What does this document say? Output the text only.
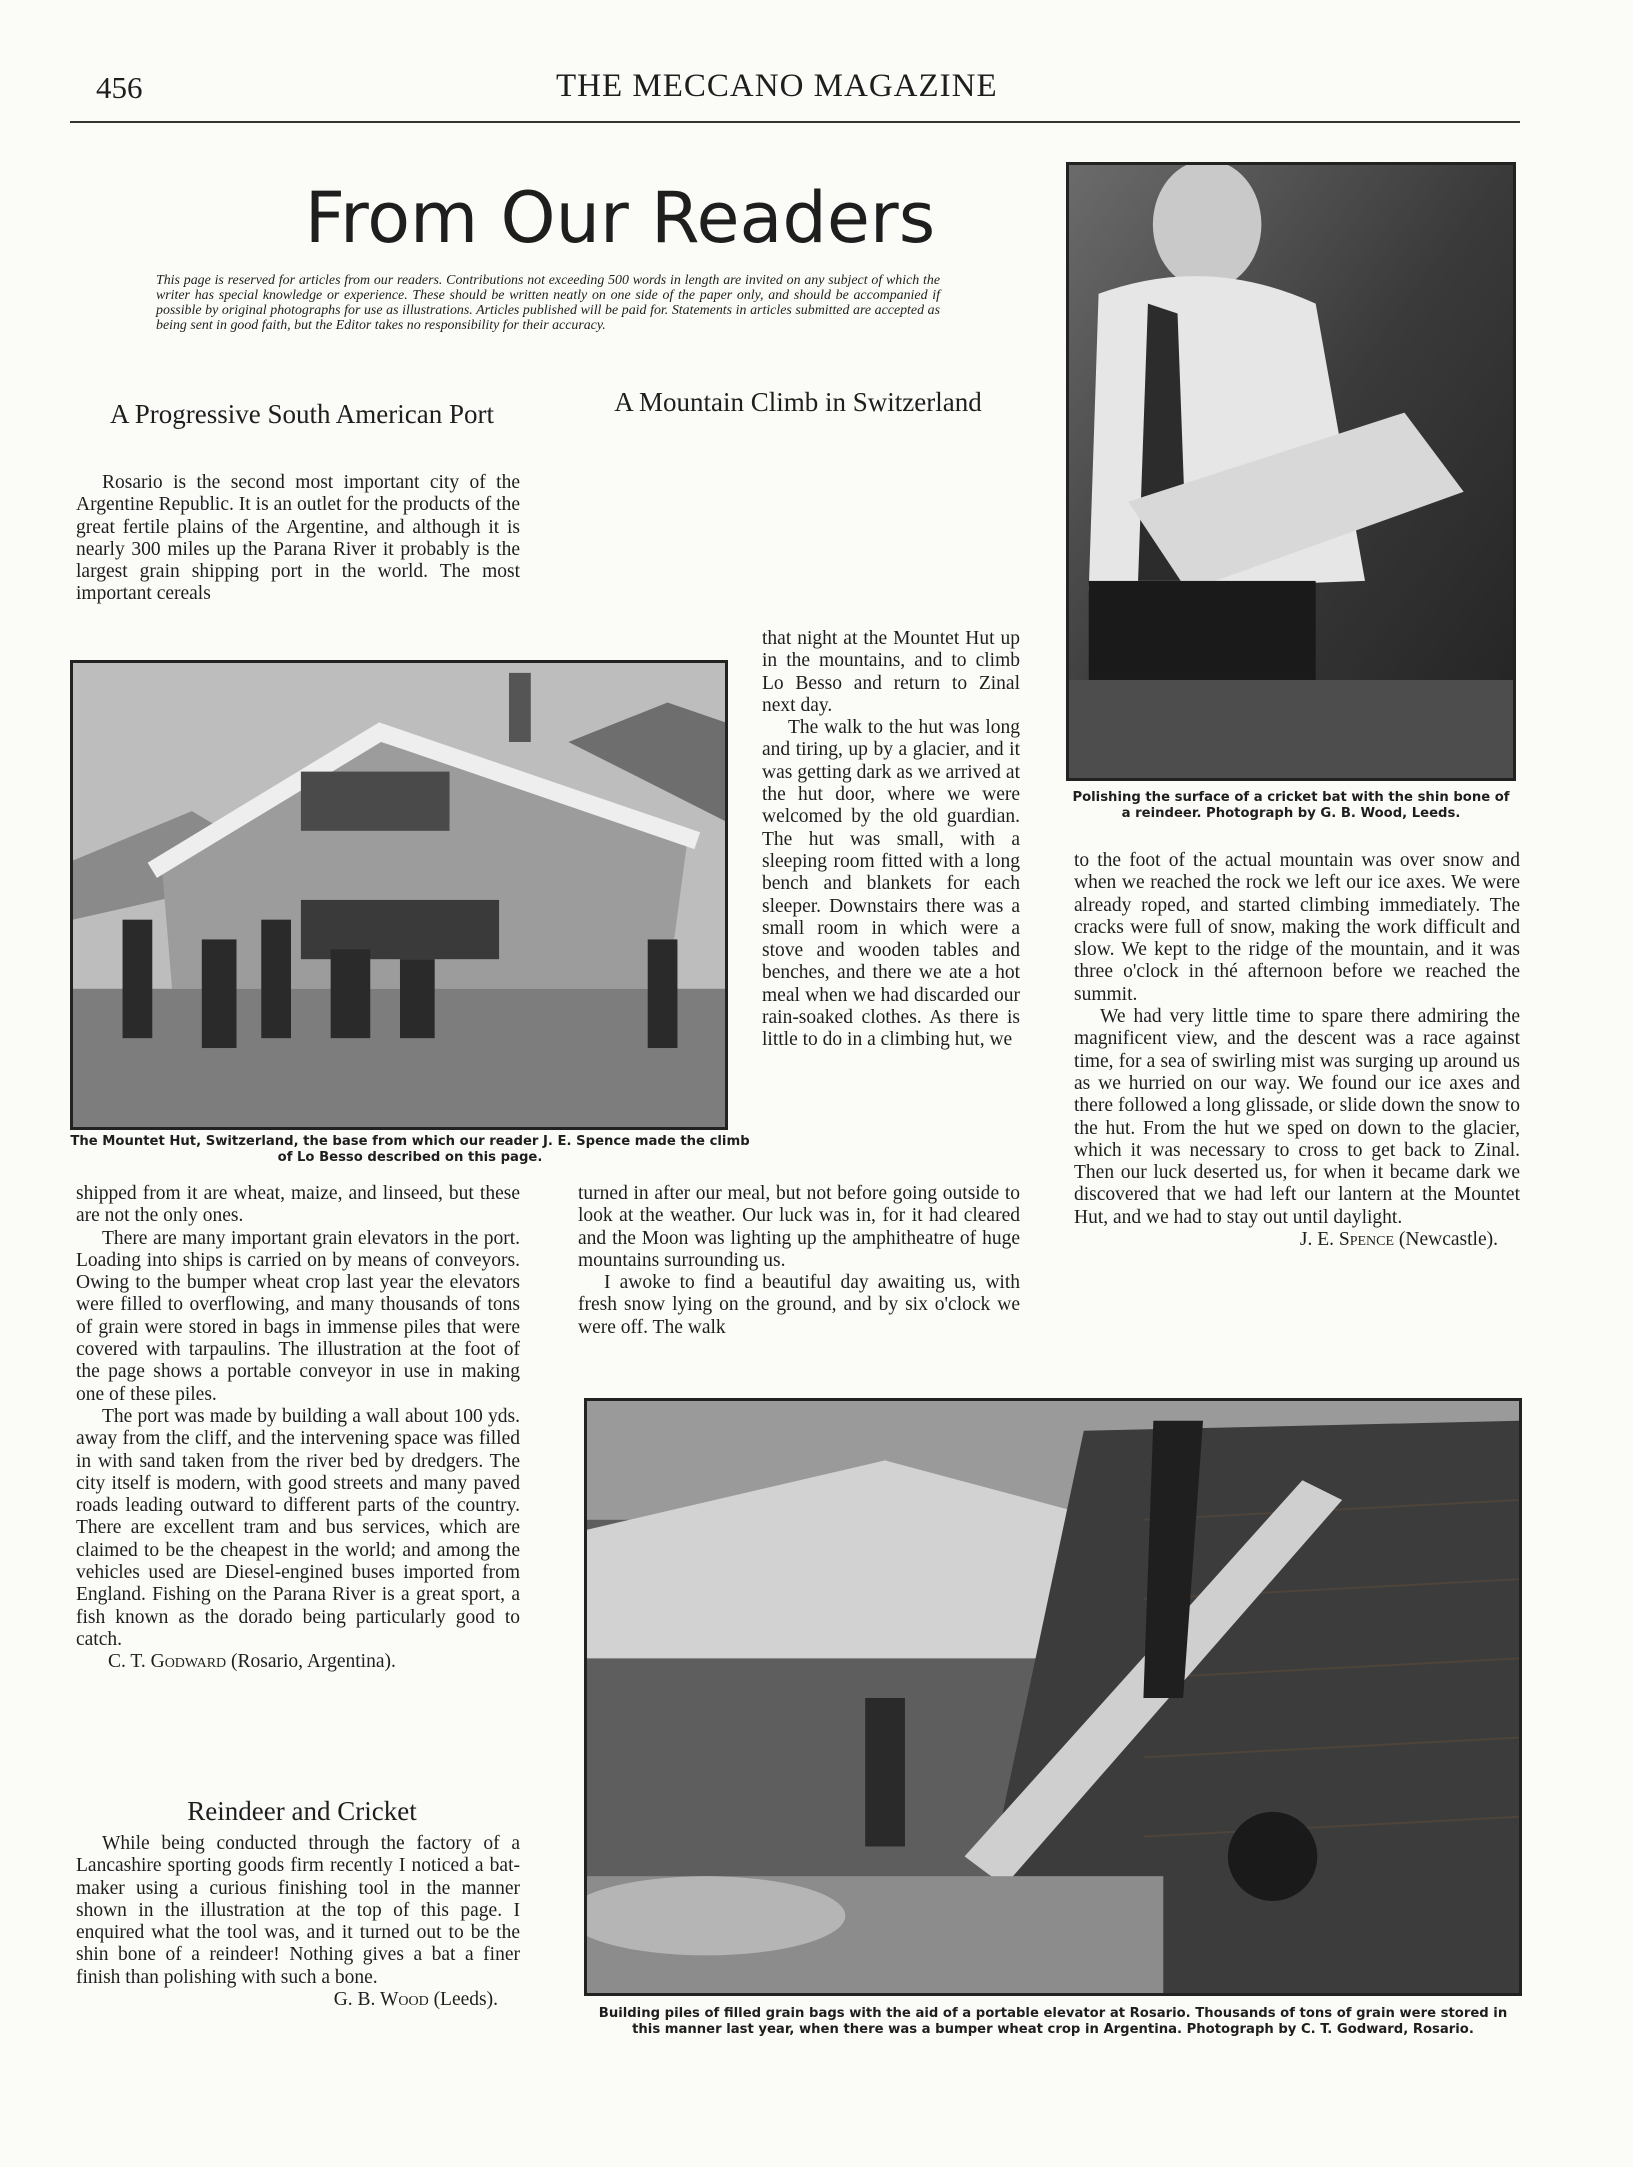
456	THE MECCANO MAGAZINE
From Our Readers
This page is reserved for articles from our readers. Contributions not exceeding 500 words in length are invited on any subject of which the writer has special knowledge or experience. These should be written neatly on one side of the paper only, and should be accompanied if possible by original photographs for use as illustrations. Articles published will be paid for. Statements in articles submitted are accepted as being sent in good faith, but the Editor takes no responsibility for their accuracy.
Polishing the surface of a cricket bat with the shin bone of a reindeer. Photograph by G. B. Wood, Leeds.
A Progressive South American Port

Rosario is the second most important city of the Argentine Republic. It is an outlet for the products of the great fertile plains of the Argentine, and although it is nearly 300 miles up the Parana River it probably is the largest grain shipping port in the world. The most important cereals

The Mountet Hut, Switzerland, the base from which our reader J. E. Spence made the climb of Lo Besso described on this page.

shipped from it are wheat, maize, and linseed, but these are not the only ones.

There are many important grain elevators in the port. Loading into ships is carried on by means of conveyors. Owing to the bumper wheat crop last year the elevators were filled to overflowing, and many thousands of tons of grain were stored in bags in immense piles that were covered with tarpaulins. The illustration at the foot of the page shows a portable conveyor in use in making one of these piles.

The port was made by building a wall about 100 yds. away from the cliff, and the intervening space was filled in with sand taken from the river bed by dredgers. The city itself is modern, with good streets and many paved roads leading outward to different parts of the country. There are excellent tram and bus services, which are claimed to be the cheapest in the world; and among the vehicles used are Diesel-engined buses imported from England. Fishing on the Parana River is a great sport, a fish known as the dorado being particularly good to catch.

C. T. Godward (Rosario, Argentina).
Reindeer and Cricket

While being conducted through the factory of a Lancashire sporting goods firm recently I noticed a bat-maker using a curious finishing tool in the manner shown in the illustration at the top of this page. I enquired what the tool was, and it turned out to be the shin bone of a reindeer! Nothing gives a bat a finer finish than polishing with such a bone.

G. B. Wood (Leeds).
A Mountain Climb in Switzerland

that night at the Mountet Hut up in the mountains, and to climb Lo Besso and return to Zinal next day.

The walk to the hut was long and tiring, up by a glacier, and it was getting dark as we arrived at the hut door, where we were welcomed by the old guardian. The hut was small, with a sleeping room fitted with a long bench and blankets for each sleeper. Downstairs there was a small room in which were a stove and wooden tables and benches, and there we ate a hot meal when we had discarded our rain-soaked clothes. As there is little to do in a climbing hut, we

turned in after our meal, but not before going outside to look at the weather. Our luck was in, for it had cleared and the Moon was lighting up the amphitheatre of huge mountains surrounding us.

I awoke to find a beautiful day awaiting us, with fresh snow lying on the ground, and by six o'clock we were off. The walk

to the foot of the actual mountain was over snow and when we reached the rock we left our ice axes. We were already roped, and started climbing immediately. The cracks were full of snow, making the work difficult and slow. We kept to the ridge of the mountain, and it was three o'clock in thé afternoon before we reached the summit.

We had very little time to spare there admiring the magnificent view, and the descent was a race against time, for a sea of swirling mist was surging up around us as we hurried on our way. We found our ice axes and there followed a long glissade, or slide down the snow to the hut. From the hut we sped on down to the glacier, which it was necessary to cross to get back to Zinal. Then our luck deserted us, for when it became dark we discovered that we had left our lantern at the Mountet Hut, and we had to stay out until daylight.

J. E. Spence (Newcastle).
Building piles of filled grain bags with the aid of a portable elevator at Rosario. Thousands of tons of grain were stored in this manner last year, when there was a bumper wheat crop in Argentina. Photograph by C. T. Godward, Rosario.
